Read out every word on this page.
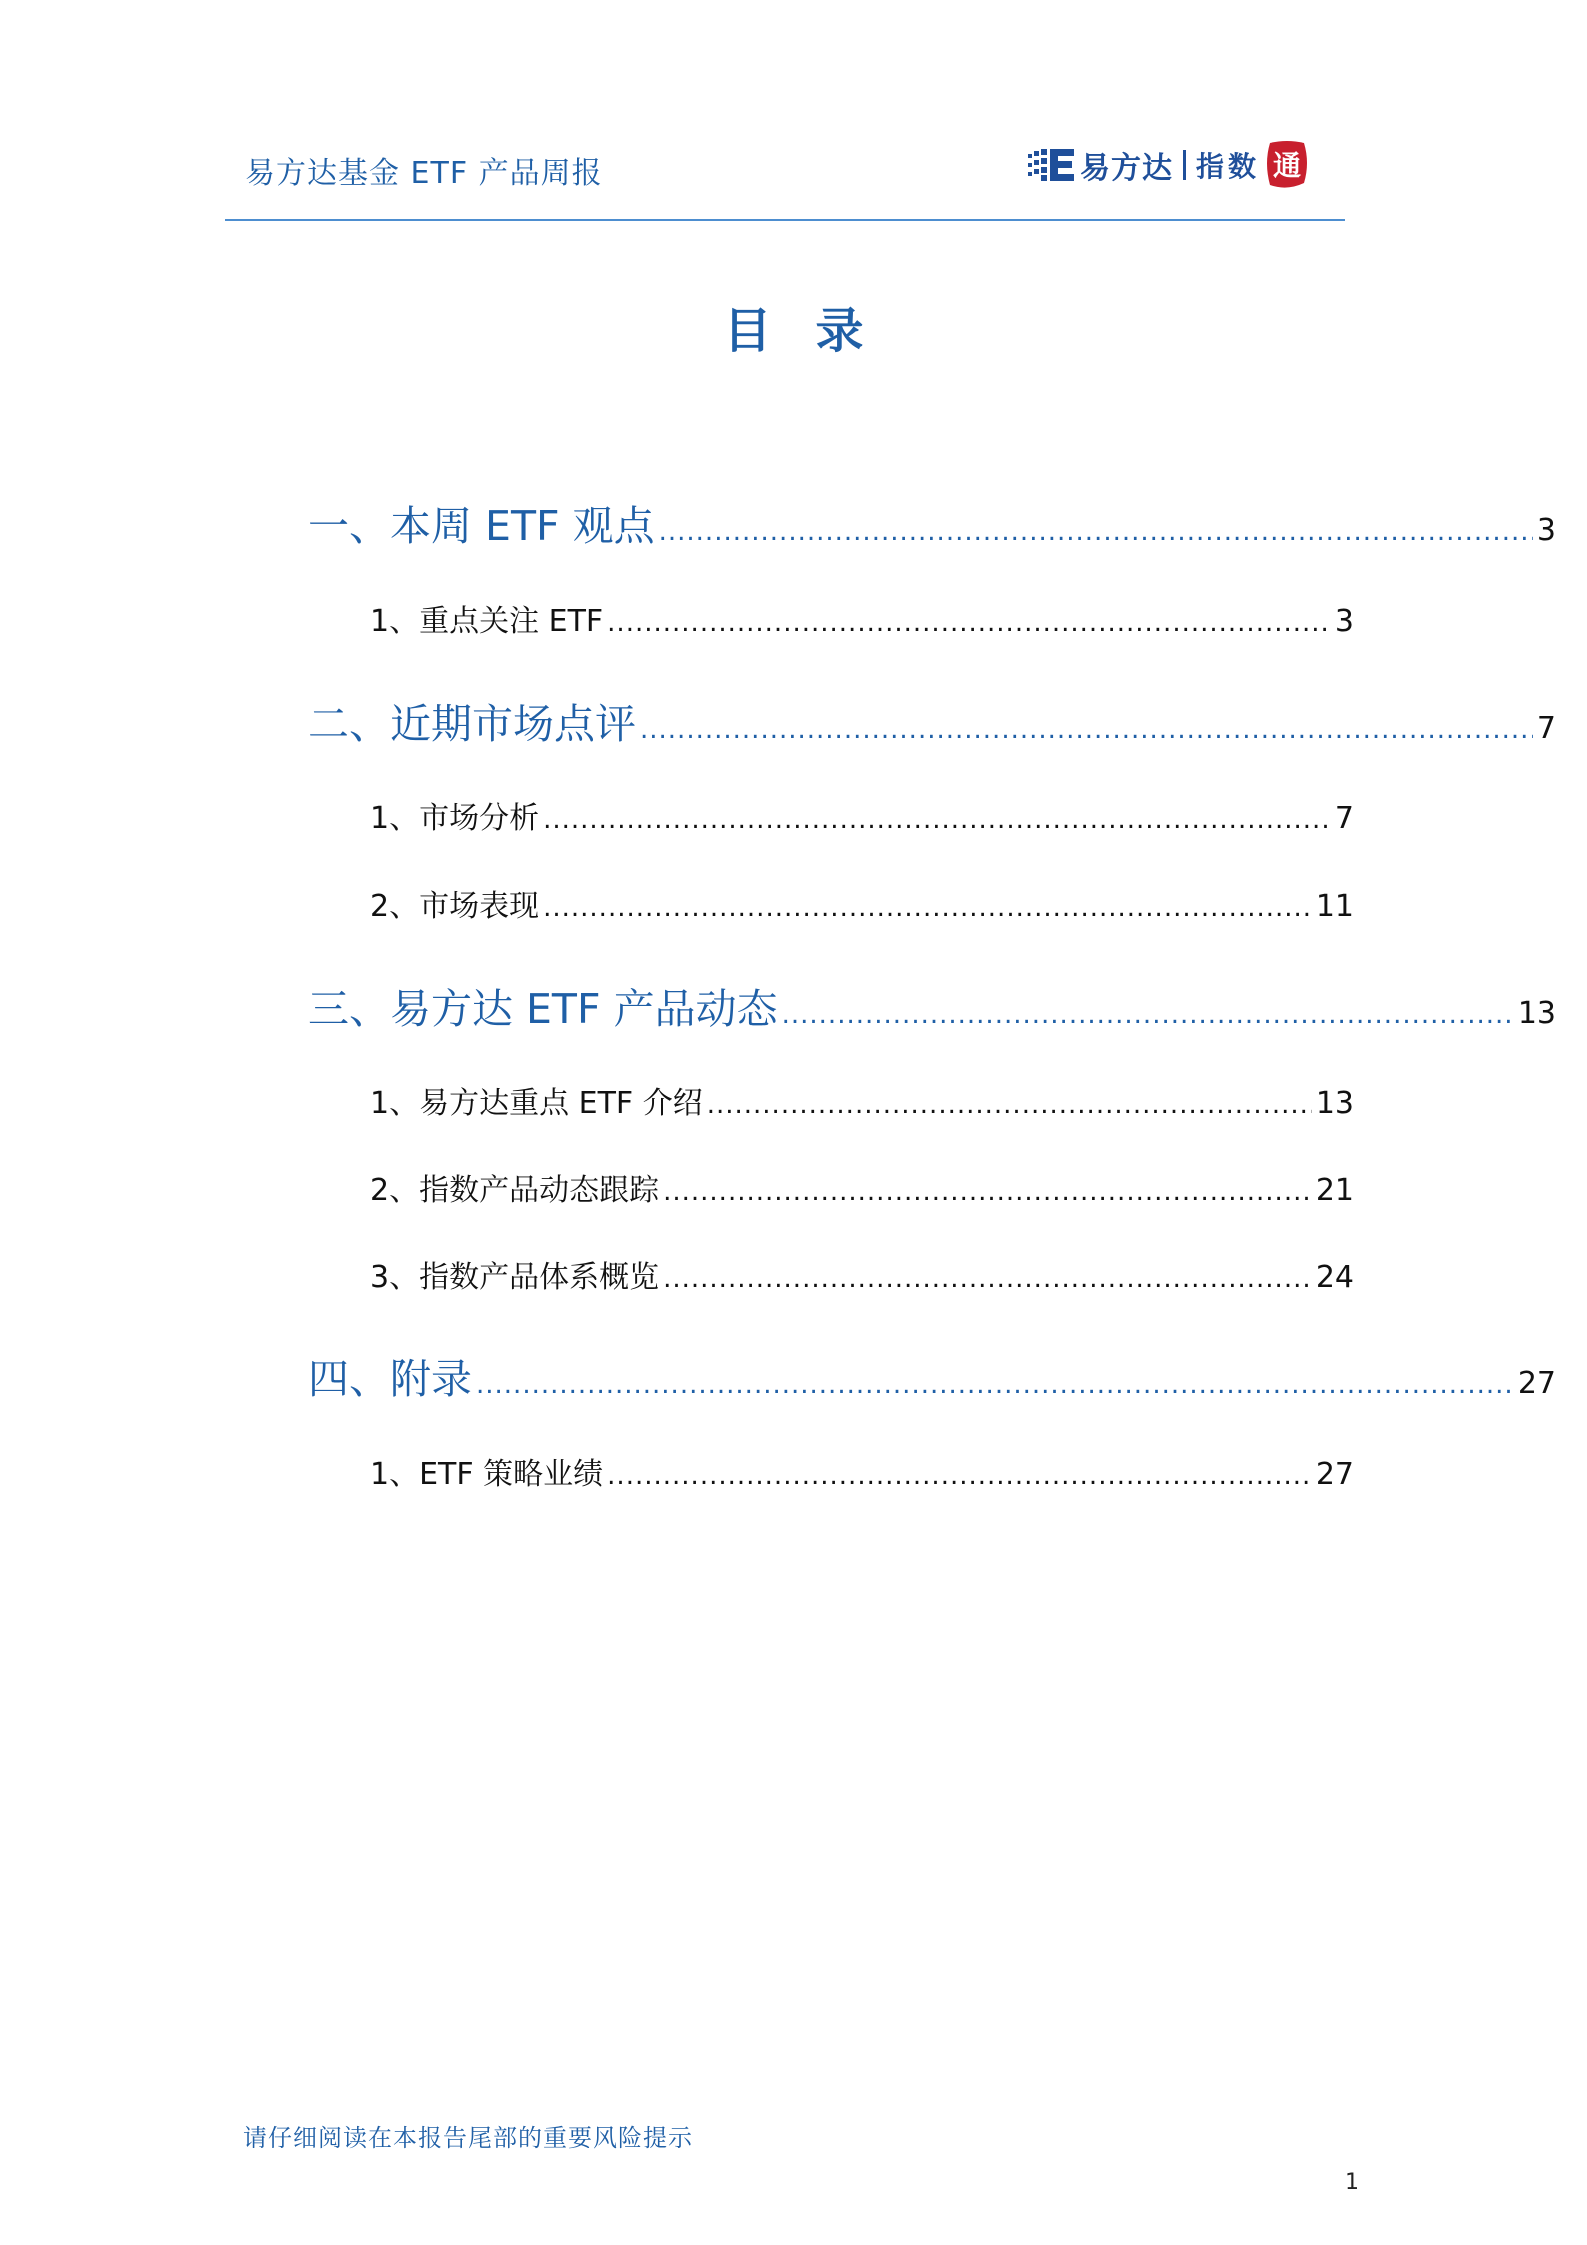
易方达基金 ETF 产品周报	易方达 指数 通
目录
一、本周 ETF 观点 .....	3
1、重点关注 ETF .....	3
二、近期市场点评 .....	7
1、市场分析 .....	7
2、市场表现 .....	11
三、易方达 ETF 产品动态 .....	13
1、易方达重点 ETF 介绍 .....	13
2、指数产品动态跟踪 .....	21
3、指数产品体系概览 .....	24
四、附录 .....	27
1、ETF 策略业绩 .....	27
请仔细阅读在本报告尾部的重要风险提示
1
